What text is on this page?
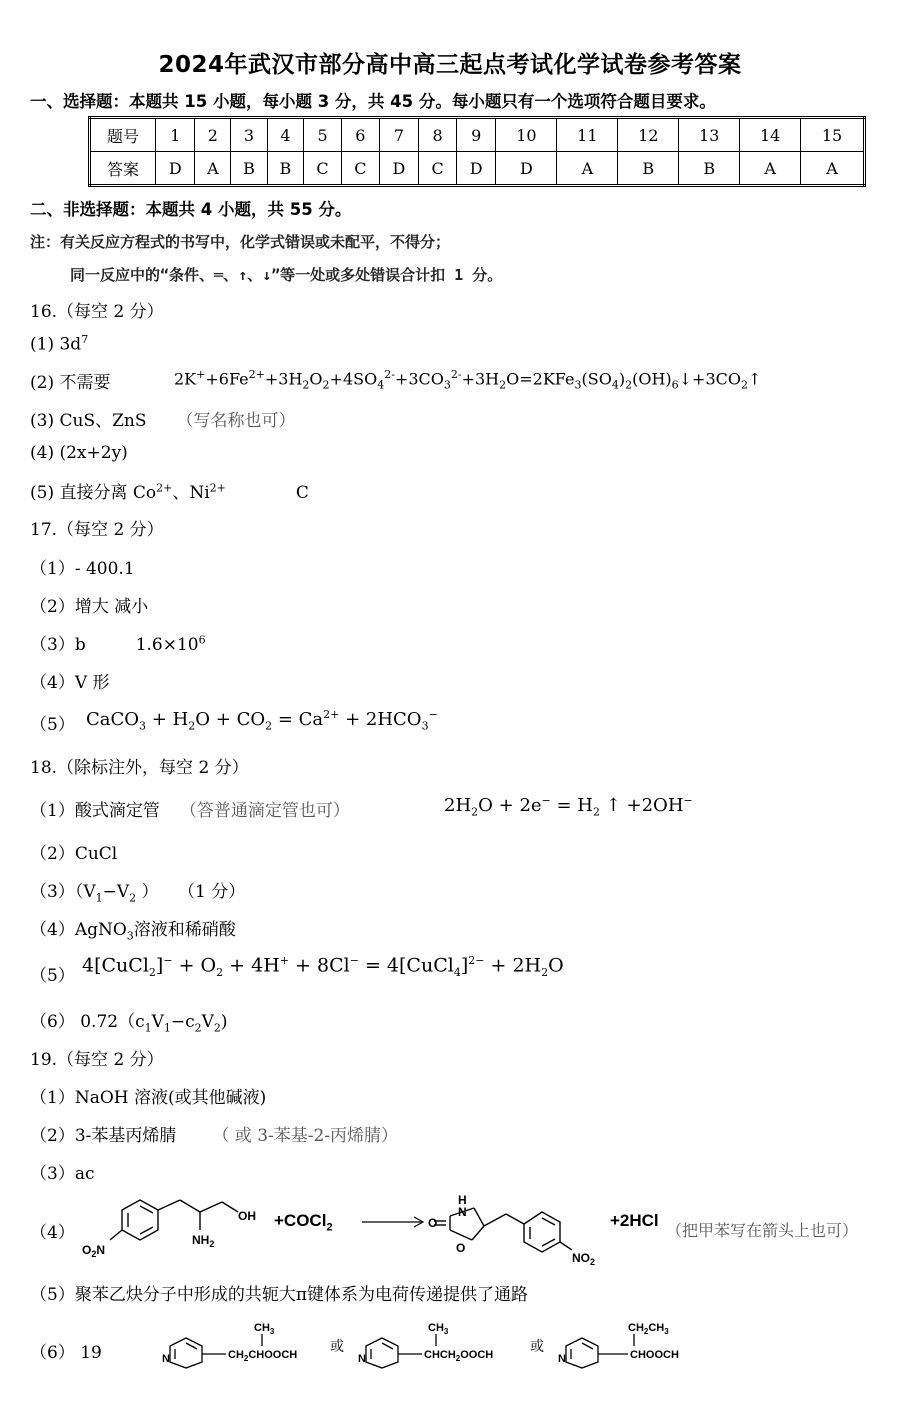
2024年武汉市部分高中高三起点考试化学试卷参考答案
一、选择题：本题共 15 小题，每小题 3 分，共 45 分。每小题只有一个选项符合题目要求。
题号	1	2	3	4	5	6	7	8	9	10	11	12	13	14	15
答案	D	A	B	B	C	C	D	C	D	D	A	B	B	A	A
二、非选择题：本题共 4 小题，共 55 分。
注：有关反应方程式的书写中，化学式错误或未配平，不得分；
同一反应中的“条件、═、↑、↓”等一处或多处错误合计扣 1 分。
16.（每空 2 分）
(1) $3d^7$
(2) 不需要	$2K^++6Fe^{2+}+3H_2O_2+4SO_4^{2-}+3CO_3^{2-}+3H_2O=2KFe_3(SO_4)_2(OH)_6↓+3CO_2↑$
(3) CuS、ZnS （写名称也可）
(4) (2x+2y)
(5) 直接分离 $Co^{2+}$、$Ni^{2+}$	C
17.（每空 2 分）
（1）- 400.1
（2）增大 减小
（3）b	$1.6\times 10^6$
（4）V 形
（5） CaCO$_3$ + $H_2O + CO_2 = Ca^{2+} + 2HCO_3^-$
18.（除标注外，每空 2 分）
（1）酸式滴定管 （答普通滴定管也可）	$2H_2O + 2e^- = H_2$ ↑ +2OH−
（2）CuCl
$(3)(V_1-V_2$ ） （1 分）
（4）AgNO$_3$溶液和稀硝酸
（5） 4[CuCl$_2$]− + $O_2 + 4H^+ + 8Cl^-$ = 4[CuCl$_4$]$^{2-}$ + $2H_2O$
（6） $0.72(c_1V_1-c_2V_2)$
19.（每空 2 分）
（1）NaOH 溶液(或其他碱液)
（2）3-苯基丙烯腈 （ 或 3-苯基-2-丙烯腈）
（3）ac
（4）
OH
$NH_2$
$O_2N$
+COCl$_2$
H
N
O
O
$NO_2$
+2HCl
（把甲苯写在箭头上也可）
（5）聚苯乙炔分子中形成的共轭大π键体系为电荷传递提供了通路
（6） 19	N
$CH_3$
$CH_2CHOOCH$ 或
N
$CH_3$
$CHCH_2OOCH$	或
N
$CH_2CH_3$
CHOOCH
